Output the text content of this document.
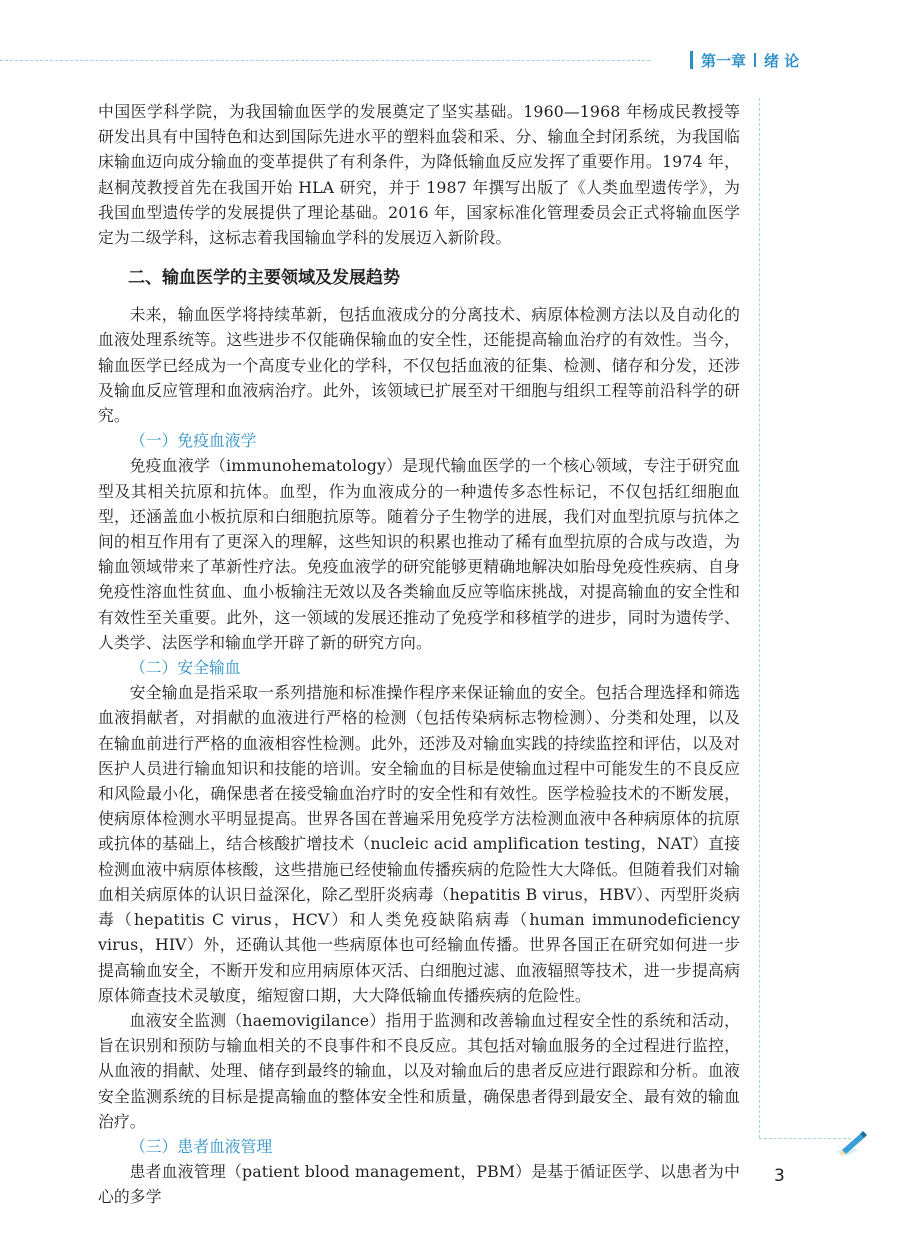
第一章 绪 论

中国医学科学院，为我国输血医学的发展奠定了坚实基础。1960—1968 年杨成民教授等研发出具有中国特色和达到国际先进水平的塑料血袋和采、分、输血全封闭系统，为我国临床输血迈向成分输血的变革提供了有利条件，为降低输血反应发挥了重要作用。1974 年，赵桐茂教授首先在我国开始 HLA 研究，并于 1987 年撰写出版了《人类血型遗传学》，为我国血型遗传学的发展提供了理论基础。2016 年，国家标准化管理委员会正式将输血医学定为二级学科，这标志着我国输血学科的发展迈入新阶段。

二、输血医学的主要领域及发展趋势

未来，输血医学将持续革新，包括血液成分的分离技术、病原体检测方法以及自动化的血液处理系统等。这些进步不仅能确保输血的安全性，还能提高输血治疗的有效性。当今，输血医学已经成为一个高度专业化的学科，不仅包括血液的征集、检测、储存和分发，还涉及输血反应管理和血液病治疗。此外，该领域已扩展至对干细胞与组织工程等前沿科学的研究。

（一）免疫血液学

免疫血液学（immunohematology）是现代输血医学的一个核心领域，专注于研究血型及其相关抗原和抗体。血型，作为血液成分的一种遗传多态性标记，不仅包括红细胞血型，还涵盖血小板抗原和白细胞抗原等。随着分子生物学的进展，我们对血型抗原与抗体之间的相互作用有了更深入的理解，这些知识的积累也推动了稀有血型抗原的合成与改造，为输血领域带来了革新性疗法。免疫血液学的研究能够更精确地解决如胎母免疫性疾病、自身免疫性溶血性贫血、血小板输注无效以及各类输血反应等临床挑战，对提高输血的安全性和有效性至关重要。此外，这一领域的发展还推动了免疫学和移植学的进步，同时为遗传学、人类学、法医学和输血学开辟了新的研究方向。

（二）安全输血

安全输血是指采取一系列措施和标准操作程序来保证输血的安全。包括合理选择和筛选血液捐献者，对捐献的血液进行严格的检测（包括传染病标志物检测）、分类和处理，以及在输血前进行严格的血液相容性检测。此外，还涉及对输血实践的持续监控和评估，以及对医护人员进行输血知识和技能的培训。安全输血的目标是使输血过程中可能发生的不良反应和风险最小化，确保患者在接受输血治疗时的安全性和有效性。医学检验技术的不断发展，使病原体检测水平明显提高。世界各国在普遍采用免疫学方法检测血液中各种病原体的抗原或抗体的基础上，结合核酸扩增技术（nucleic acid amplification testing，NAT）直接检测血液中病原体核酸，这些措施已经使输血传播疾病的危险性大大降低。但随着我们对输血相关病原体的认识日益深化，除乙型肝炎病毒（hepatitis B virus，HBV）、丙型肝炎病毒（hepatitis C virus，HCV）和人类免疫缺陷病毒（human immunodeficiency virus，HIV）外，还确认其他一些病原体也可经输血传播。世界各国正在研究如何进一步提高输血安全，不断开发和应用病原体灭活、白细胞过滤、血液辐照等技术，进一步提高病原体筛查技术灵敏度，缩短窗口期，大大降低输血传播疾病的危险性。

血液安全监测（haemovigilance）指用于监测和改善输血过程安全性的系统和活动，旨在识别和预防与输血相关的不良事件和不良反应。其包括对输血服务的全过程进行监控，从血液的捐献、处理、储存到最终的输血，以及对输血后的患者反应进行跟踪和分析。血液安全监测系统的目标是提高输血的整体安全性和质量，确保患者得到最安全、最有效的输血治疗。

（三）患者血液管理

患者血液管理（patient blood management，PBM）是基于循证医学、以患者为中心的多学

3
